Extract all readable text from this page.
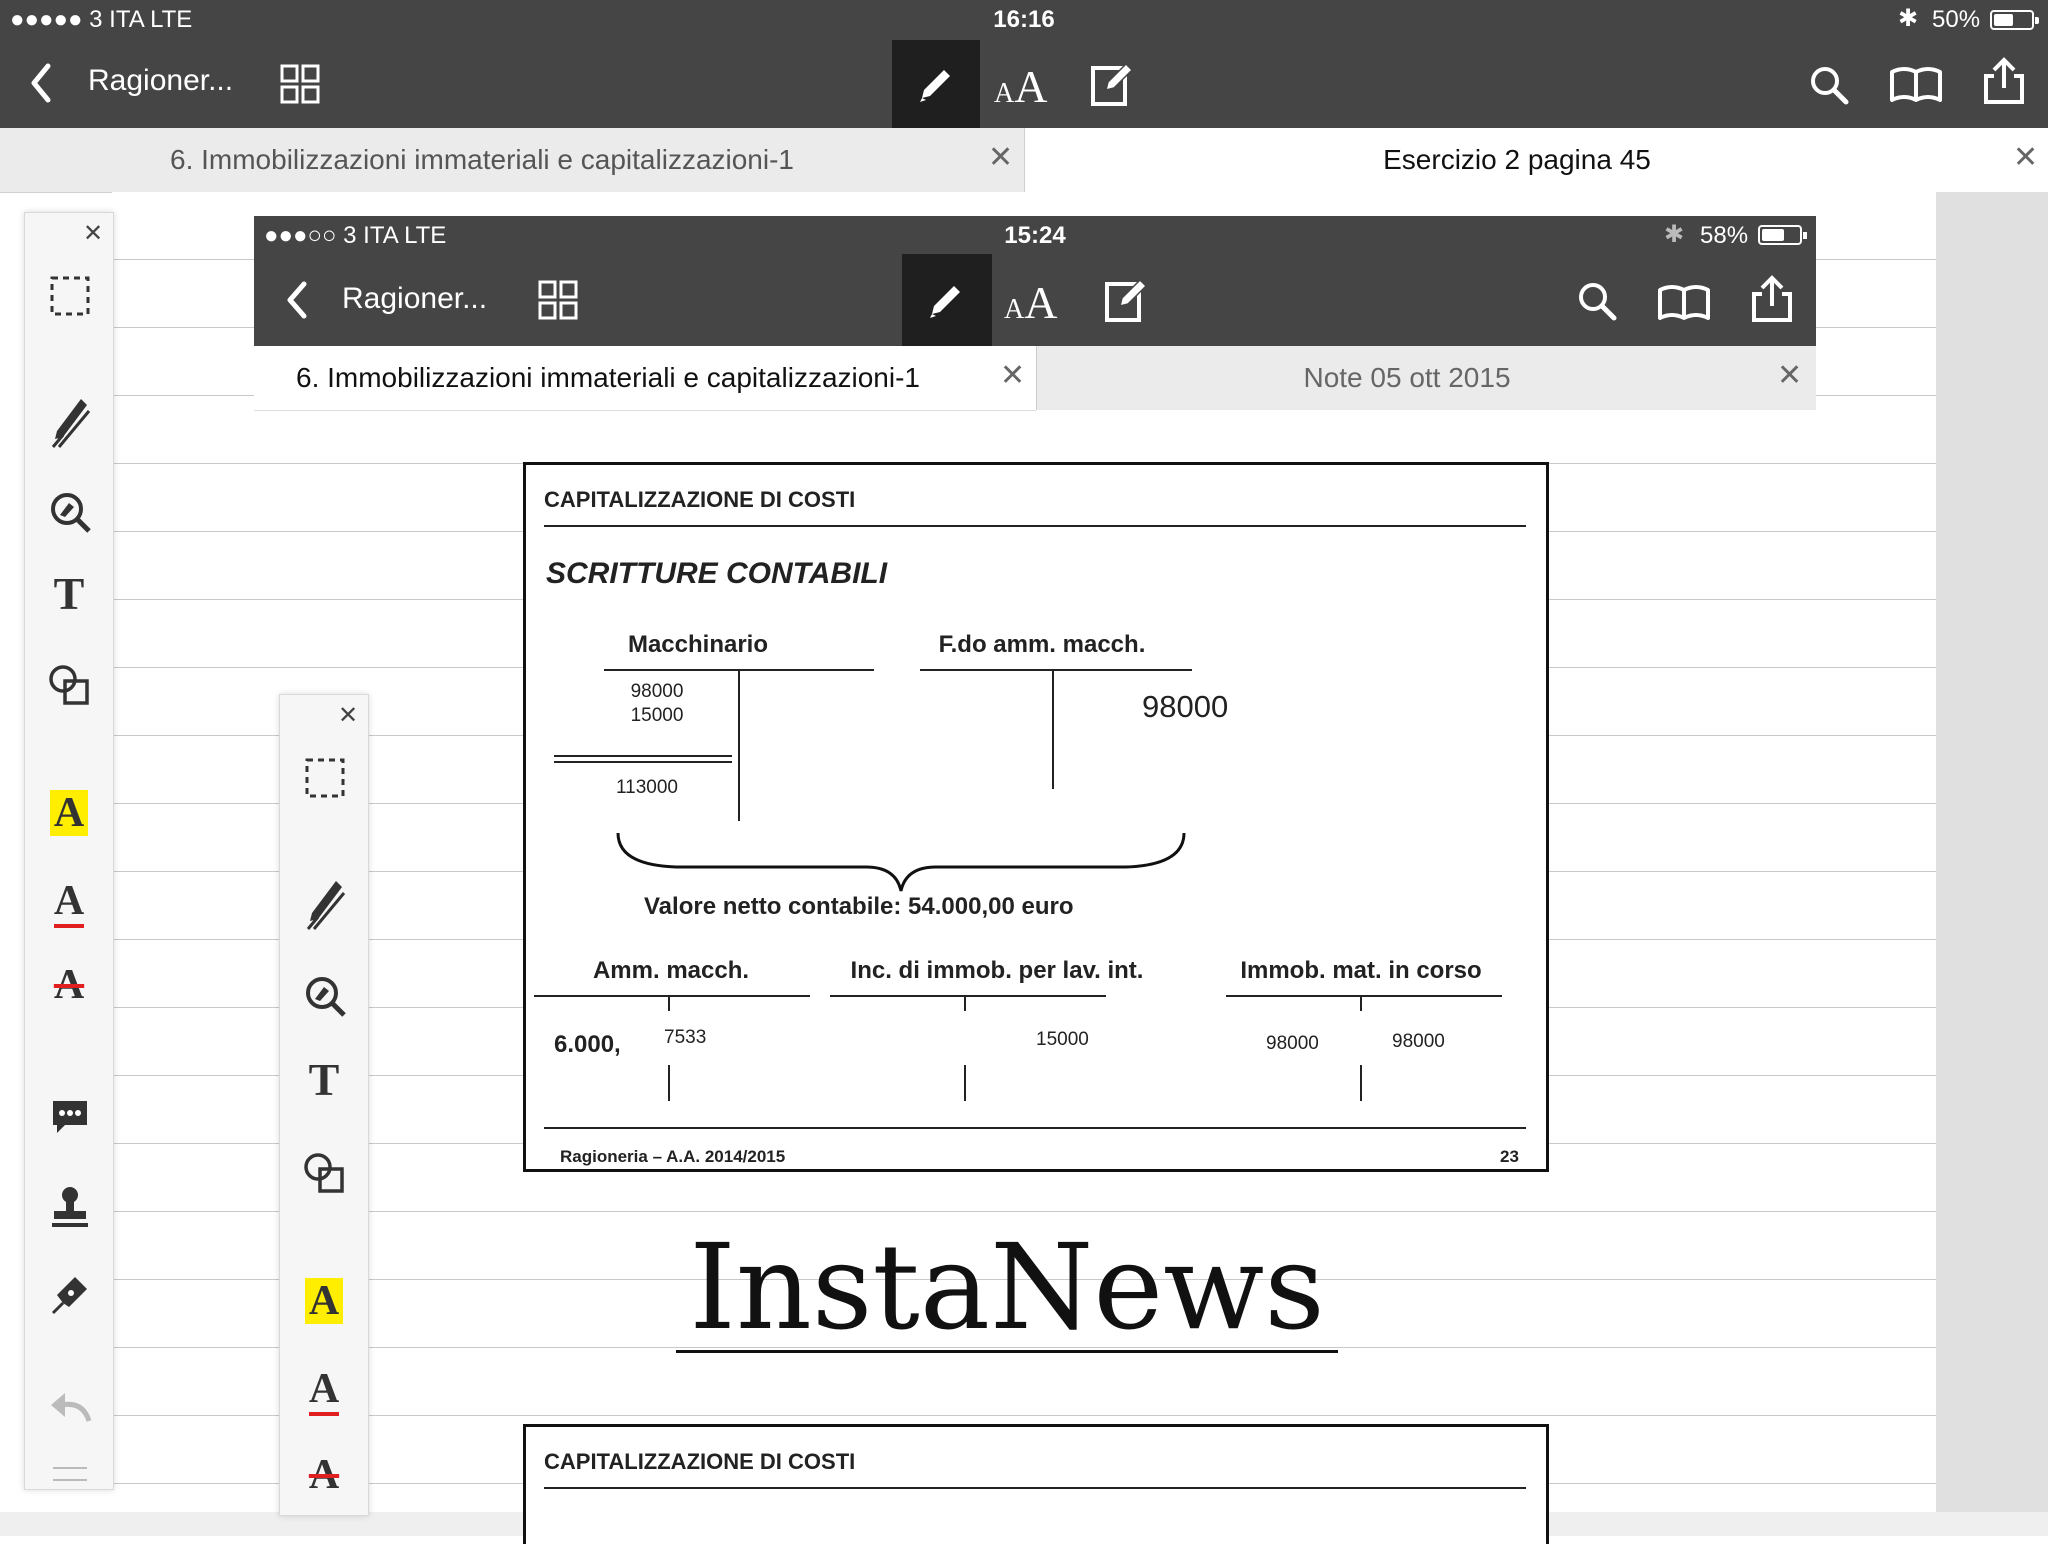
●●●●● 3 ITA LTE	16:16	✱ 50%
Ragioner...	AA
6. Immobilizzazioni immateriali e capitalizzazioni-1	✕	Esercizio 2 pagina 45	✕
✕
T
A
A
A
●●●○○ 3 ITA LTE	15:24	✱ 58%
Ragioner...	AA
6. Immobilizzazioni immateriali e capitalizzazioni-1	✕	Note 05 ott 2015	✕
CAPITALIZZAZIONE DI COSTI
SCRITTURE CONTABILI
Macchinario
98000
15000
113000
F.do amm. macch.
98000
Valore netto contabile: 54.000,00 euro
Amm. macch.
6.000, 7533
Inc. di immob. per lav. int.
15000
Immob. mat. in corso
98000	98000
Ragioneria – A.A. 2014/2015	23
InstaNews
CAPITALIZZAZIONE DI COSTI
✕
T
A
A
A
